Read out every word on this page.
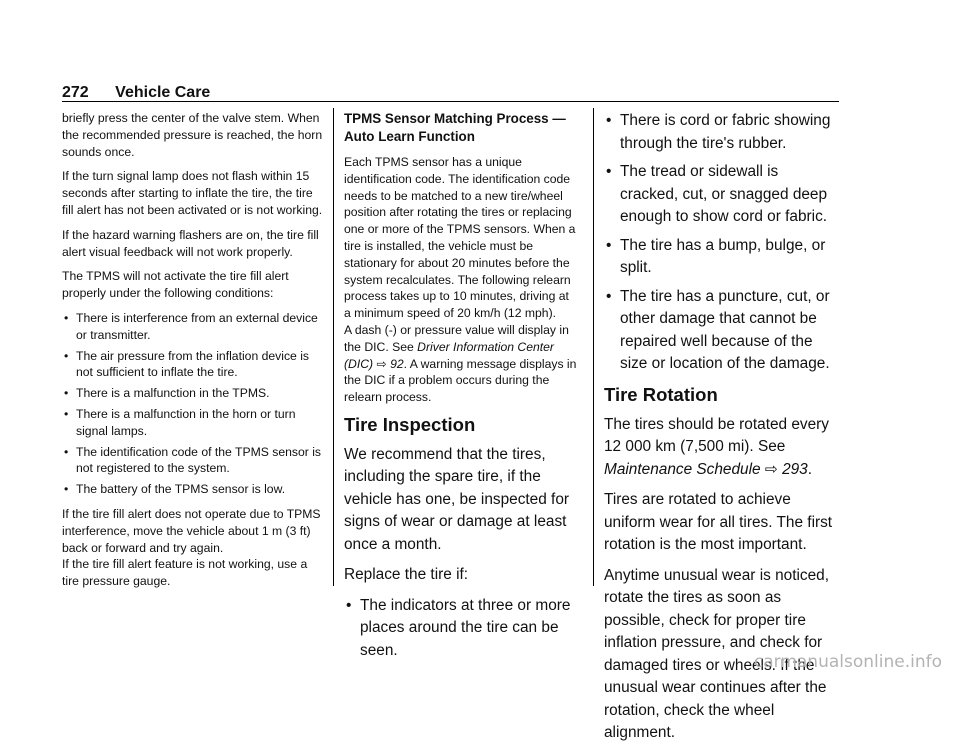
272 Vehicle Care

briefly press the center of the valve stem. When the recommended pressure is reached, the horn sounds once.

If the turn signal lamp does not flash within 15 seconds after starting to inflate the tire, the tire fill alert has not been activated or is not working.

If the hazard warning flashers are on, the tire fill alert visual feedback will not work properly.

The TPMS will not activate the tire fill alert properly under the following conditions:

• There is interference from an external device or transmitter.
• The air pressure from the inflation device is not sufficient to inflate the tire.
• There is a malfunction in the TPMS.
• There is a malfunction in the horn or turn signal lamps.
• The identification code of the TPMS sensor is not registered to the system.
• The battery of the TPMS sensor is low.

If the tire fill alert does not operate due to TPMS interference, move the vehicle about 1 m (3 ft) back or forward and try again.

If the tire fill alert feature is not working, use a tire pressure gauge.

TPMS Sensor Matching Process — Auto Learn Function

Each TPMS sensor has a unique identification code. The identification code needs to be matched to a new tire/wheel position after rotating the tires or replacing one or more of the TPMS sensors. When a tire is installed, the vehicle must be stationary for about 20 minutes before the system recalculates. The following relearn process takes up to 10 minutes, driving at a minimum speed of 20 km/h (12 mph).

A dash (-) or pressure value will display in the DIC. See Driver Information Center (DIC) ⇨ 92. A warning message displays in the DIC if a problem occurs during the relearn process.

Tire Inspection

We recommend that the tires, including the spare tire, if the vehicle has one, be inspected for signs of wear or damage at least once a month.

Replace the tire if:

• The indicators at three or more places around the tire can be seen.
• There is cord or fabric showing through the tire's rubber.
• The tread or sidewall is cracked, cut, or snagged deep enough to show cord or fabric.
• The tire has a bump, bulge, or split.
• The tire has a puncture, cut, or other damage that cannot be repaired well because of the size or location of the damage.
Tire Rotation

The tires should be rotated every 12 000 km (7,500 mi). See Maintenance Schedule ⇨ 293.

Tires are rotated to achieve uniform wear for all tires. The first rotation is the most important.

Anytime unusual wear is noticed, rotate the tires as soon as possible, check for proper tire inflation pressure, and check for damaged tires or wheels. If the unusual wear continues after the rotation, check the wheel alignment.

carmanualsonline.info
